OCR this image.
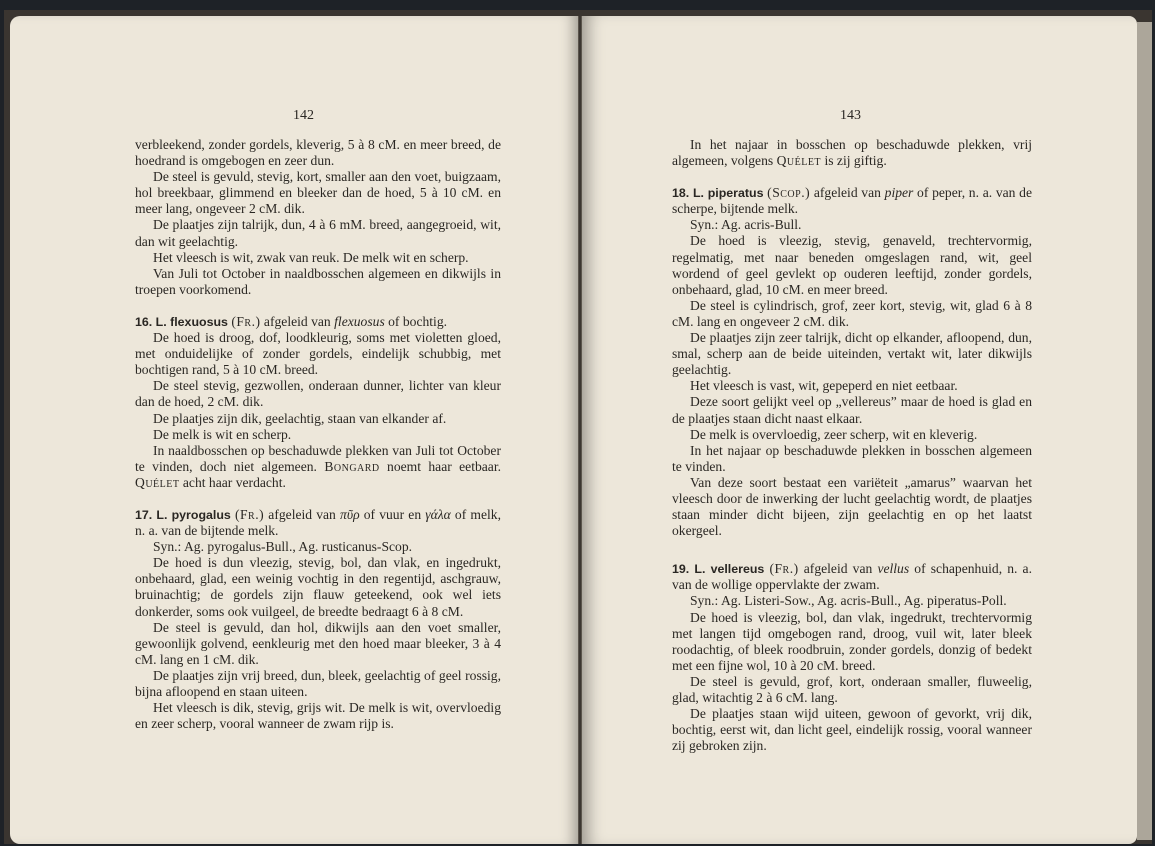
142

verbleekend, zonder gordels, kleverig, 5 à 8 cM. en meer breed, de hoedrand is omgebogen en zeer dun.

De steel is gevuld, stevig, kort, smaller aan den voet, buigzaam, hol breekbaar, glimmend en bleeker dan de hoed, 5 à 10 cM. en meer lang, ongeveer 2 cM. dik.

De plaatjes zijn talrijk, dun, 4 à 6 mM. breed, aangegroeid, wit, dan wit geelachtig.

Het vleesch is wit, zwak van reuk. De melk wit en scherp.

Van Juli tot October in naaldbosschen algemeen en dikwijls in troepen voorkomend.

16. L. flexuosus (Fr.) afgeleid van flexuosus of bochtig.

De hoed is droog, dof, loodkleurig, soms met violetten gloed, met onduidelijke of zonder gordels, eindelijk schubbig, met bochtigen rand, 5 à 10 cM. breed.

De steel stevig, gezwollen, onderaan dunner, lichter van kleur dan de hoed, 2 cM. dik.

De plaatjes zijn dik, geelachtig, staan van elkander af.

De melk is wit en scherp.

In naaldbosschen op beschaduwde plekken van Juli tot October te vinden, doch niet algemeen. Bongard noemt haar eetbaar. Quélet acht haar verdacht.

17. L. pyrogalus (Fr.) afgeleid van πῦρ of vuur en γάλα of melk, n. a. van de bijtende melk.

Syn.: Ag. pyrogalus-Bull., Ag. rusticanus-Scop.

De hoed is dun vleezig, stevig, bol, dan vlak, en ingedrukt, onbehaard, glad, een weinig vochtig in den regentijd, aschgrauw, bruinachtig; de gordels zijn flauw geteekend, ook wel iets donkerder, soms ook vuilgeel, de breedte bedraagt 6 à 8 cM.

De steel is gevuld, dan hol, dikwijls aan den voet smaller, gewoonlijk golvend, eenkleurig met den hoed maar bleeker, 3 à 4 cM. lang en 1 cM. dik.

De plaatjes zijn vrij breed, dun, bleek, geelachtig of geel rossig, bijna afloopend en staan uiteen.

Het vleesch is dik, stevig, grijs wit. De melk is wit, overvloedig en zeer scherp, vooral wanneer de zwam rijp is.

143

In het najaar in bosschen op beschaduwde plekken, vrij algemeen, volgens Quélet is zij giftig.

18. L. piperatus (Scop.) afgeleid van piper of peper, n. a. van de scherpe, bijtende melk.

Syn.: Ag. acris-Bull.

De hoed is vleezig, stevig, genaveld, trechtervormig, regelmatig, met naar beneden omgeslagen rand, wit, geel wordend of geel gevlekt op ouderen leeftijd, zonder gordels, onbehaard, glad, 10 cM. en meer breed.

De steel is cylindrisch, grof, zeer kort, stevig, wit, glad 6 à 8 cM. lang en ongeveer 2 cM. dik.

De plaatjes zijn zeer talrijk, dicht op elkander, afloopend, dun, smal, scherp aan de beide uiteinden, vertakt wit, later dikwijls geelachtig.

Het vleesch is vast, wit, gepeperd en niet eetbaar.

Deze soort gelijkt veel op „vellereus” maar de hoed is glad en de plaatjes staan dicht naast elkaar.

De melk is overvloedig, zeer scherp, wit en kleverig.

In het najaar op beschaduwde plekken in bosschen algemeen te vinden.

Van deze soort bestaat een variëteit „amarus” waarvan het vleesch door de inwerking der lucht geelachtig wordt, de plaatjes staan minder dicht bijeen, zijn geelachtig en op het laatst okergeel.

19. L. vellereus (Fr.) afgeleid van vellus of schapenhuid, n. a. van de wollige oppervlakte der zwam.

Syn.: Ag. Listeri-Sow., Ag. acris-Bull., Ag. piperatus-Poll.

De hoed is vleezig, bol, dan vlak, ingedrukt, trechtervormig met langen tijd omgebogen rand, droog, vuil wit, later bleek roodachtig, of bleek roodbruin, zonder gordels, donzig of bedekt met een fijne wol, 10 à 20 cM. breed.

De steel is gevuld, grof, kort, onderaan smaller, fluweelig, glad, witachtig 2 à 6 cM. lang.

De plaatjes staan wijd uiteen, gewoon of gevorkt, vrij dik, bochtig, eerst wit, dan licht geel, eindelijk rossig, vooral wanneer zij gebroken zijn.
